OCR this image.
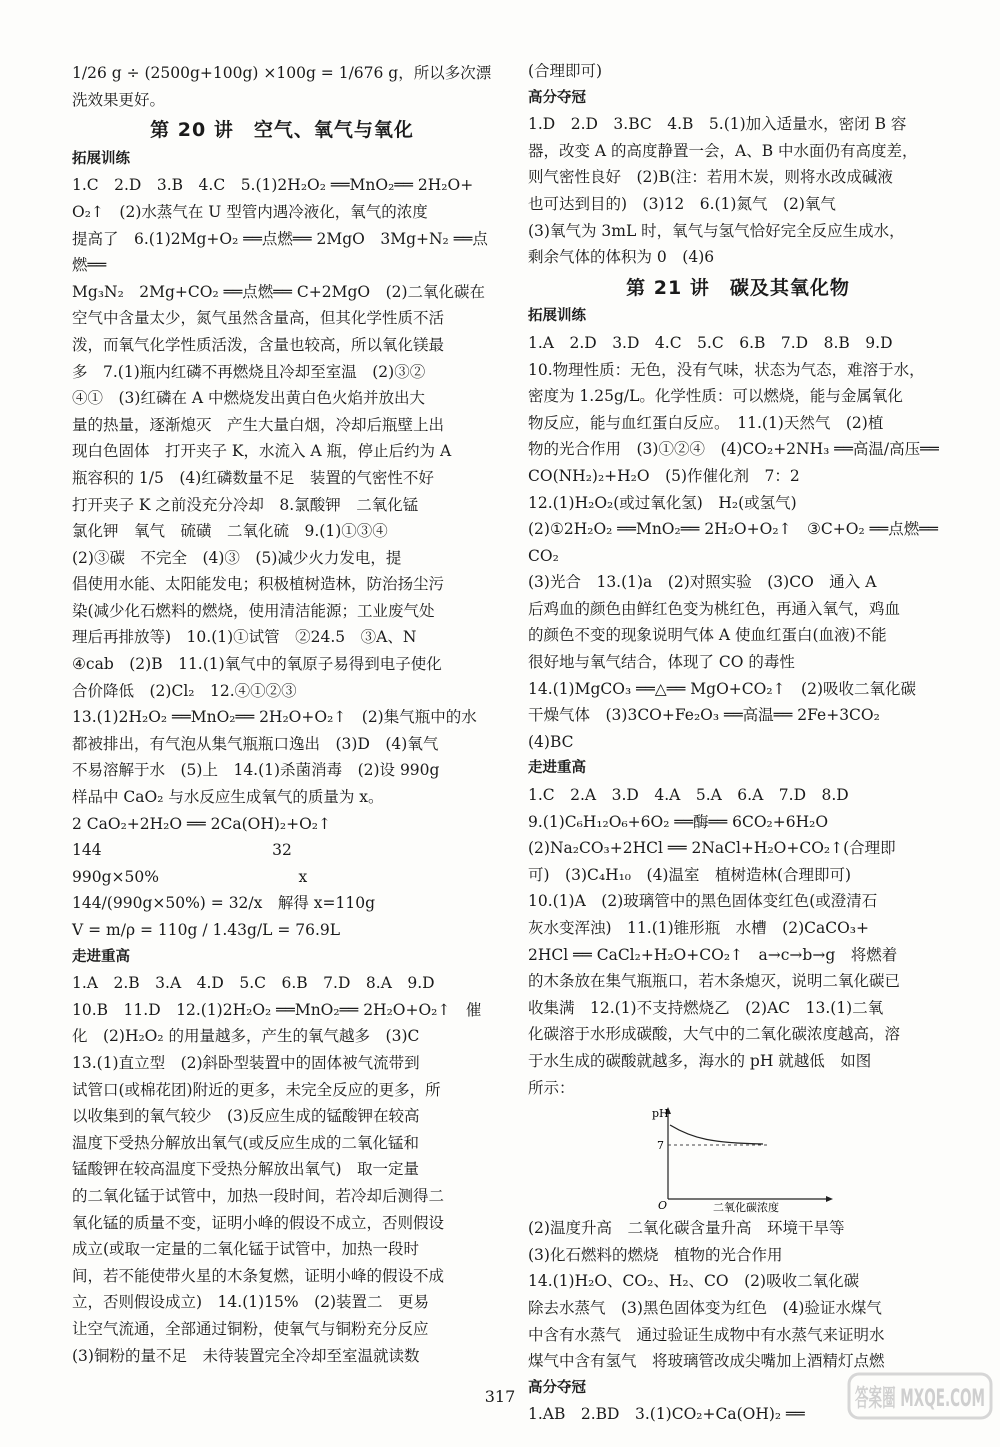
1/26 g ÷ (2500g+100g) ×100g = 1/676 g，所以多次漂洗效果更好。

第 20 讲　空气、氧气与氧化

拓展训练

1.C　2.D　3.B　4.C　5.(1)2H₂O₂ ══MnO₂══ 2H₂O+

O₂↑　(2)水蒸气在 U 型管内遇冷液化，氧气的浓度

提高了　6.(1)2Mg+O₂ ══点燃══ 2MgO　3Mg+N₂ ══点燃══

Mg₃N₂　2Mg+CO₂ ══点燃══ C+2MgO　(2)二氧化碳在

空气中含量太少，氮气虽然含量高，但其化学性质不活

泼，而氧气化学性质活泼，含量也较高，所以氧化镁最

多　7.(1)瓶内红磷不再燃烧且冷却至室温　(2)③②

④①　(3)红磷在 A 中燃烧发出黄白色火焰并放出大

量的热量，逐渐熄灭　产生大量白烟，冷却后瓶壁上出

现白色固体　打开夹子 K，水流入 A 瓶，停止后约为 A

瓶容积的 1/5　(4)红磷数量不足　装置的气密性不好

打开夹子 K 之前没充分冷却　8.氯酸钾　二氧化锰

氯化钾　氧气　硫磺　二氧化硫　9.(1)①③④

(2)③碳　不完全　(4)③　(5)减少火力发电，提

倡使用水能、太阳能发电；积极植树造林，防治扬尘污

染(减少化石燃料的燃烧，使用清洁能源；工业废气处

理后再排放等)　10.(1)①试管　②24.5　③A、N

④cab　(2)B　11.(1)氧气中的氧原子易得到电子使化

合价降低　(2)Cl₂　12.④①②③

13.(1)2H₂O₂ ══MnO₂══ 2H₂O+O₂↑　(2)集气瓶中的水

都被排出，有气泡从集气瓶瓶口逸出　(3)D　(4)氧气

不易溶解于水　(5)上　14.(1)杀菌消毒　(2)设 990g

样品中 CaO₂ 与水反应生成氧气的质量为 x。

2 CaO₂+2H₂O ══ 2Ca(OH)₂+O₂↑

144　　　　　　　　　　　32

990g×50%　　　　　　　　　x

144/(990g×50%) = 32/x　解得 x=110g

V = m/ρ = 110g / 1.43g/L = 76.9L

走进重高

1.A　2.B　3.A　4.D　5.C　6.B　7.D　8.A　9.D

10.B　11.D　12.(1)2H₂O₂ ══MnO₂══ 2H₂O+O₂↑　催

化　(2)H₂O₂ 的用量越多，产生的氧气越多　(3)C

13.(1)直立型　(2)斜卧型装置中的固体被气流带到

试管口(或棉花团)附近的更多，未完全反应的更多，所

以收集到的氧气较少　(3)反应生成的锰酸钾在较高

温度下受热分解放出氧气(或反应生成的二氧化锰和

锰酸钾在较高温度下受热分解放出氧气)　取一定量

的二氧化锰于试管中，加热一段时间，若冷却后测得二

氧化锰的质量不变，证明小峰的假设不成立，否则假设

成立(或取一定量的二氧化锰于试管中，加热一段时

间，若不能使带火星的木条复燃，证明小峰的假设不成

立，否则假设成立)　14.(1)15%　(2)装置二　更易

让空气流通，全部通过铜粉，使氧气与铜粉充分反应

(3)铜粉的量不足　未待装置完全冷却至室温就读数

(合理即可)

高分夺冠

1.D　2.D　3.BC　4.B　5.(1)加入适量水，密闭 B 容

器，改变 A 的高度静置一会，A、B 中水面仍有高度差，

则气密性良好　(2)B(注：若用木炭，则将水改成碱液

也可达到目的)　(3)12　6.(1)氮气　(2)氧气

(3)氧气为 3mL 时，氧气与氢气恰好完全反应生成水，

剩余气体的体积为 0　(4)6

第 21 讲　碳及其氧化物

拓展训练

1.A　2.D　3.D　4.C　5.C　6.B　7.D　8.B　9.D

10.物理性质：无色，没有气味，状态为气态，难溶于水，

密度为 1.25g/L。化学性质：可以燃烧，能与金属氧化

物反应，能与血红蛋白反应。　11.(1)天然气　(2)植

物的光合作用　(3)①②④　(4)CO₂+2NH₃ ══高温/高压══

CO(NH₂)₂+H₂O　(5)作催化剂　7：2

12.(1)H₂O₂(或过氧化氢)　H₂(或氢气)

(2)①2H₂O₂ ══MnO₂══ 2H₂O+O₂↑　③C+O₂ ══点燃══ CO₂

(3)光合　13.(1)a　(2)对照实验　(3)CO　通入 A

后鸡血的颜色由鲜红色变为桃红色，再通入氧气，鸡血

的颜色不变的现象说明气体 A 使血红蛋白(血液)不能

很好地与氧气结合，体现了 CO 的毒性

14.(1)MgCO₃ ══△══ MgO+CO₂↑　(2)吸收二氧化碳

干燥气体　(3)3CO+Fe₂O₃ ══高温══ 2Fe+3CO₂

(4)BC

走进重高

1.C　2.A　3.D　4.A　5.A　6.A　7.D　8.D

9.(1)C₆H₁₂O₆+6O₂ ══酶══ 6CO₂+6H₂O

(2)Na₂CO₃+2HCl ══ 2NaCl+H₂O+CO₂↑(合理即

可)　(3)C₄H₁₀　(4)温室　植树造林(合理即可)

10.(1)A　(2)玻璃管中的黑色固体变红色(或澄清石

灰水变浑浊)　11.(1)锥形瓶　水槽　(2)CaCO₃+

2HCl ══ CaCl₂+H₂O+CO₂↑　a→c→b→g　将燃着

的木条放在集气瓶瓶口，若木条熄灭，说明二氧化碳已

收集满　12.(1)不支持燃烧乙　(2)AC　13.(1)二氧

化碳溶于水形成碳酸，大气中的二氧化碳浓度越高，溶

于水生成的碳酸就越多，海水的 pH 就越低　如图

所示：

pH
7
O	二氧化碳浓度

(2)温度升高　二氧化碳含量升高　环境干旱等

(3)化石燃料的燃烧　植物的光合作用

14.(1)H₂O、CO₂、H₂、CO　(2)吸收二氧化碳

除去水蒸气　(3)黑色固体变为红色　(4)验证水煤气

中含有水蒸气　通过验证生成物中有水蒸气来证明水

煤气中含有氢气　将玻璃管改成尖嘴加上酒精灯点燃

高分夺冠

1.AB　2.BD　3.(1)CO₂+Ca(OH)₂ ══

317	答案圈 MXQE.COM
